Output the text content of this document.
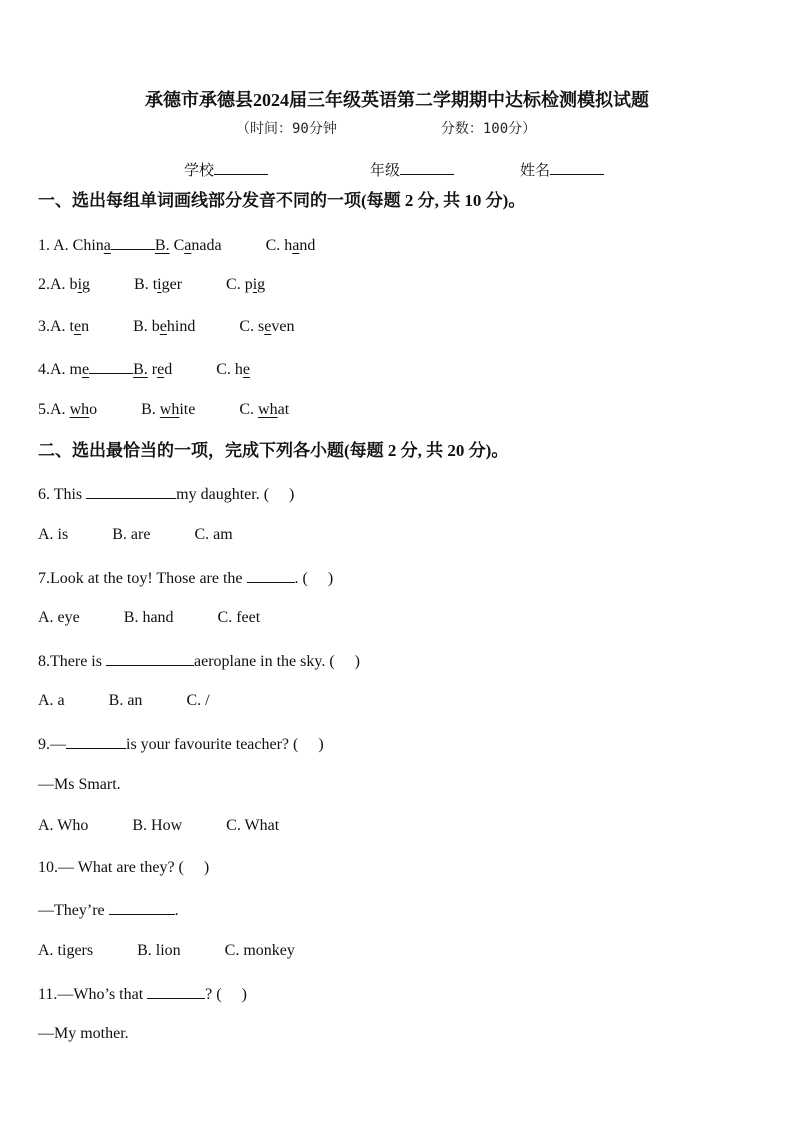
承德市承德县2024届三年级英语第二学期期中达标检测模拟试题
（时间：90分钟	分数：100分）
学校	年级	姓名
一、选出每组单词画线部分发音不同的一项(每题 2 分, 共 10 分)。
1. A. China	B. Canada	C. hand
2.A. big	B. tiger	C. pig
3.A. ten	B. behind	C. seven
4.A. me	B. red	C. he
5.A. who	B. white	C. what
二、选出最恰当的一项，完成下列各小题(每题 2 分, 共 20 分)。
6. This	my daughter. (　 )
A. is	B. are	C. am
7.Look at the toy! Those are the	. (　 )
A. eye	B. hand	C. feet
8.There is	aeroplane in the sky. (　 )
A. a	B. an	C. /
9.—	is your favourite teacher? (　 )
—Ms Smart.
A. Who	B. How	C. What
10.— What are they? (　 )
—They’re	.
A. tigers	B. lion	C. monkey
11.—Who’s that	? (　 )
—My mother.
